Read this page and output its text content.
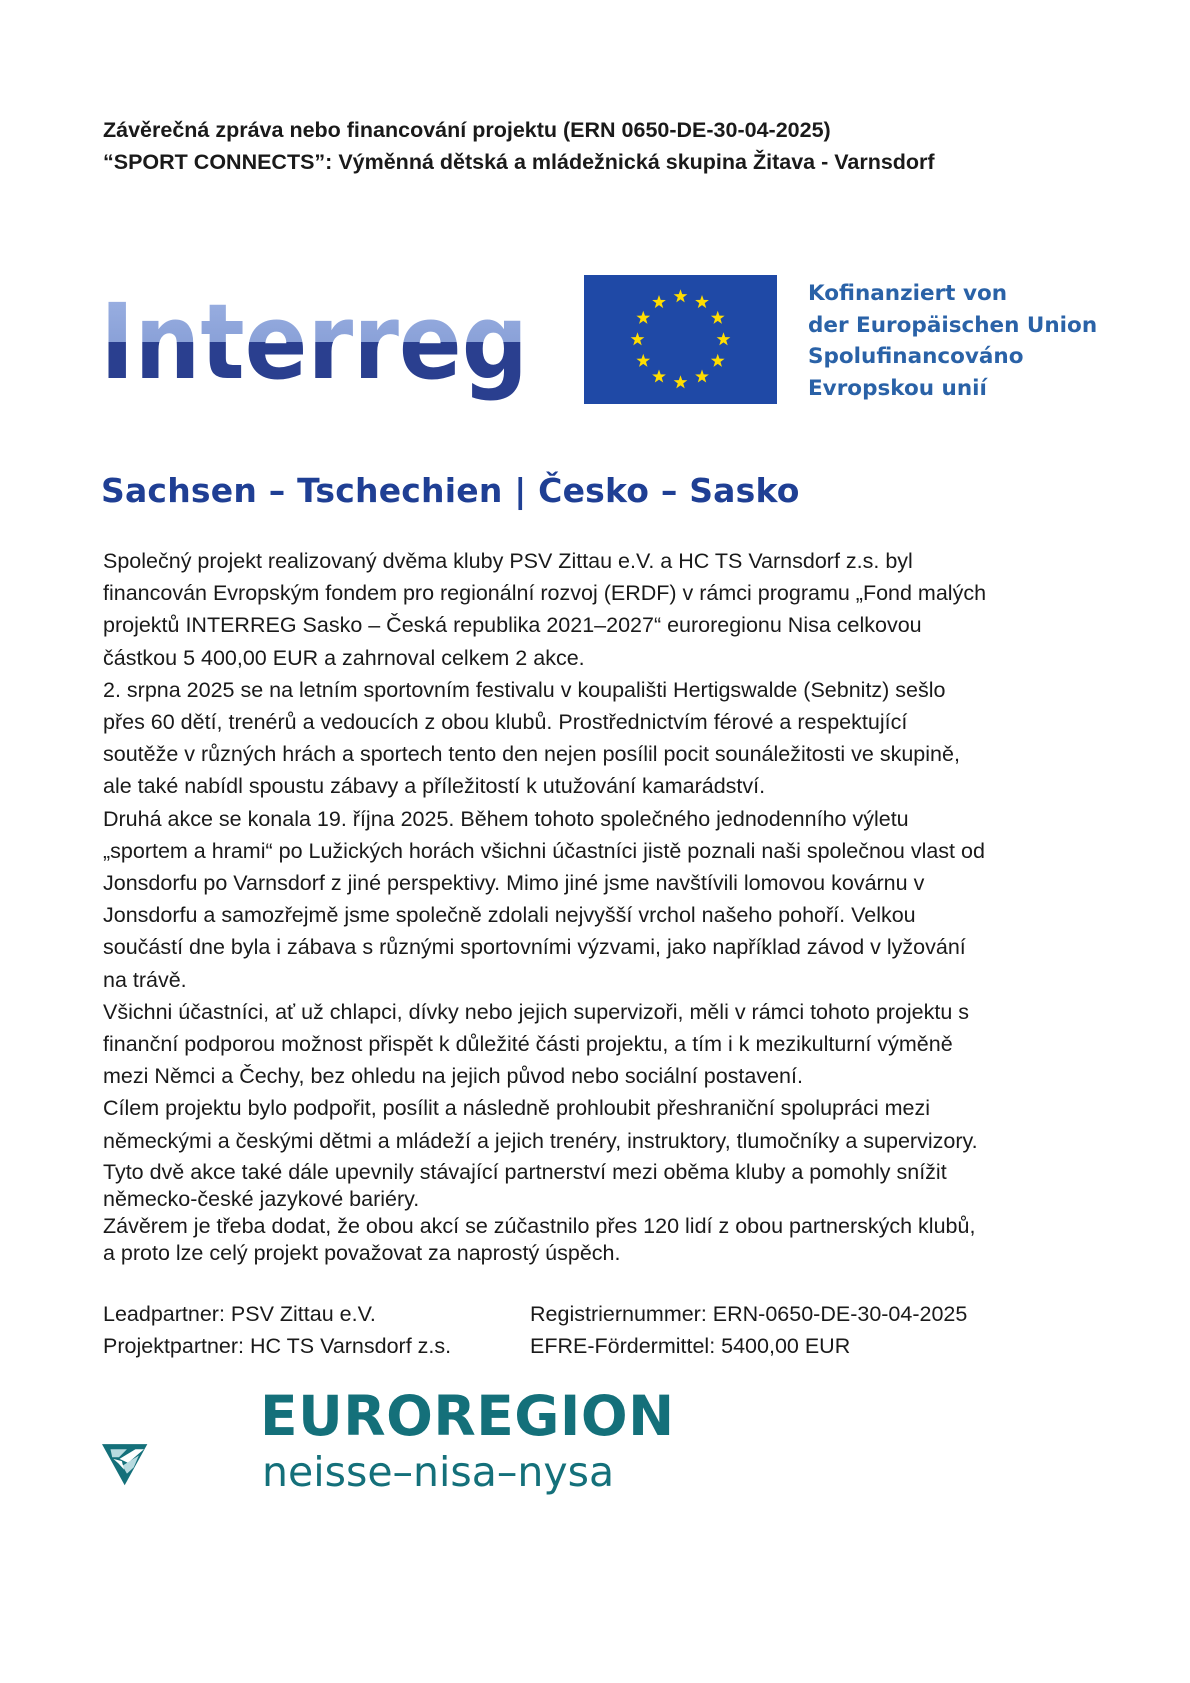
Závěrečná zpráva nebo financování projektu (ERN 0650-DE-30-04-2025)
“SPORT CONNECTS”: Výměnná dětská a mládežnická skupina Žitava - Varnsdorf
Interreg	Kofinanziert von
der Europäischen Union
Spolufinancováno
Evropskou unií
Sachsen – Tschechien | Česko – Sasko
Společný projekt realizovaný dvěma kluby PSV Zittau e.V. a HC TS Varnsdorf z.s. byl
financován Evropským fondem pro regionální rozvoj (ERDF) v rámci programu „Fond malých
projektů INTERREG Sasko – Česká republika 2021–2027“ euroregionu Nisa celkovou
částkou 5 400,00 EUR a zahrnoval celkem 2 akce.
2. srpna 2025 se na letním sportovním festivalu v koupališti Hertigswalde (Sebnitz) sešlo
přes 60 dětí, trenérů a vedoucích z obou klubů. Prostřednictvím férové a respektující
soutěže v různých hrách a sportech tento den nejen posílil pocit sounáležitosti ve skupině,
ale také nabídl spoustu zábavy a příležitostí k utužování kamarádství.
Druhá akce se konala 19. října 2025. Během tohoto společného jednodenního výletu
„sportem a hrami“ po Lužických horách všichni účastníci jistě poznali naši společnou vlast od
Jonsdorfu po Varnsdorf z jiné perspektivy. Mimo jiné jsme navštívili lomovou kovárnu v
Jonsdorfu a samozřejmě jsme společně zdolali nejvyšší vrchol našeho pohoří. Velkou
součástí dne byla i zábava s různými sportovními výzvami, jako například závod v lyžování
na trávě.
Všichni účastníci, ať už chlapci, dívky nebo jejich supervizoři, měli v rámci tohoto projektu s
finanční podporou možnost přispět k důležité části projektu, a tím i k mezikulturní výměně
mezi Němci a Čechy, bez ohledu na jejich původ nebo sociální postavení.
Cílem projektu bylo podpořit, posílit a následně prohloubit přeshraniční spolupráci mezi
německými a českými dětmi a mládeží a jejich trenéry, instruktory, tlumočníky a supervizory.
Tyto dvě akce také dále upevnily stávající partnerství mezi oběma kluby a pomohly snížit
německo-české jazykové bariéry.
Závěrem je třeba dodat, že obou akcí se zúčastnilo přes 120 lidí z obou partnerských klubů,
a proto lze celý projekt považovat za naprostý úspěch.
Leadpartner: PSV Zittau e.V.	Registriernummer: ERN-0650-DE-30-04-2025
Projektpartner: HC TS Varnsdorf z.s.	EFRE-Fördermittel: 5400,00 EUR
EUROREGION
neisse–nisa–nysa
